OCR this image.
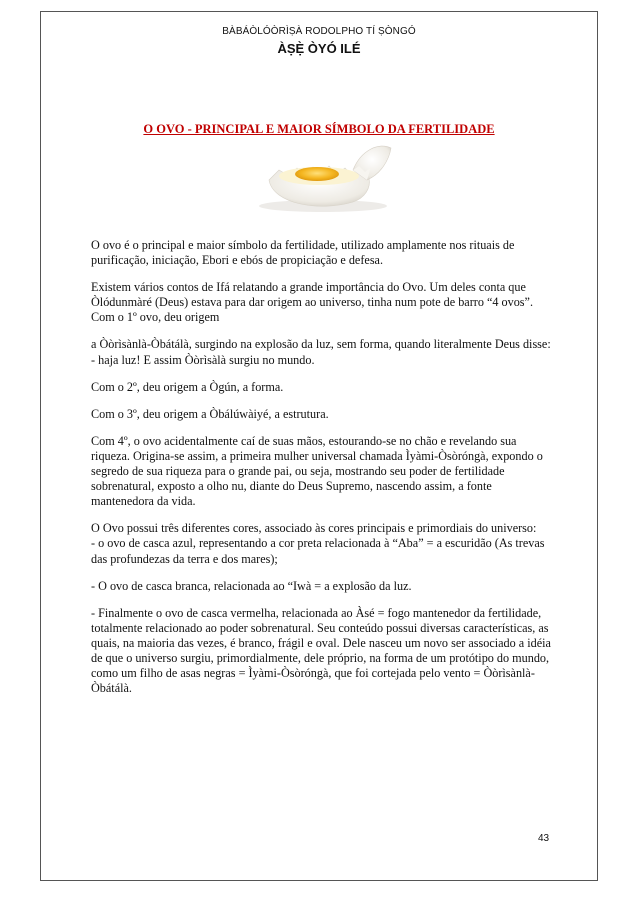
BÀBÁÒLÓÒRÌṢÀ RODOLPHO TÍ ṢÒNGÓ
ÀṢẸ̀ ÒYÓ ILÉ
O OVO - PRINCIPAL E MAIOR SÍMBOLO DA FERTILIDADE

O ovo é o principal e maior símbolo da fertilidade, utilizado amplamente nos rituais de purificação, iniciação, Ebori e ebós de propiciação e defesa.

Existem vários contos de Ifá relatando a grande importância do Ovo. Um deles conta que Òlódunmàré (Deus) estava para dar origem ao universo, tinha num pote de barro “4 ovos”. Com o 1º ovo, deu origem

a Òòrìsànlà-Òbátálà, surgindo na explosão da luz, sem forma, quando literalmente Deus disse: - haja luz! E assim Òòrìsàlà surgiu no mundo.

Com o 2º, deu origem a Ògún, a forma.

Com o 3º, deu origem a Òbálúwàiyé, a estrutura.

Com 4º, o ovo acidentalmente caí de suas mãos, estourando-se no chão e revelando sua riqueza. Origina-se assim, a primeira mulher universal chamada Ìyàmi-Òsòróngà, expondo o segredo de sua riqueza para o grande pai, ou seja, mostrando seu poder de fertilidade sobrenatural, exposto a olho nu, diante do Deus Supremo, nascendo assim, a fonte mantenedora da vida.

O Ovo possui três diferentes cores, associado às cores principais e primordiais do universo:

- o ovo de casca azul, representando a cor preta relacionada à “Aba” = a escuridão (As trevas das profundezas da terra e dos mares);

- O ovo de casca branca, relacionada ao “Iwà = a explosão da luz.

- Finalmente o ovo de casca vermelha, relacionada ao Àsé = fogo mantenedor da fertilidade, totalmente relacionado ao poder sobrenatural. Seu conteúdo possui diversas características, as quais, na maioria das vezes, é branco, frágil e oval. Dele nasceu um novo ser associado a idéia de que o universo surgiu, primordialmente, dele próprio, na forma de um protótipo do mundo, como um filho de asas negras = Ìyàmi-Òsòróngà, que foi cortejada pelo vento = Òòrìsànlà-Òbátálà.

43
